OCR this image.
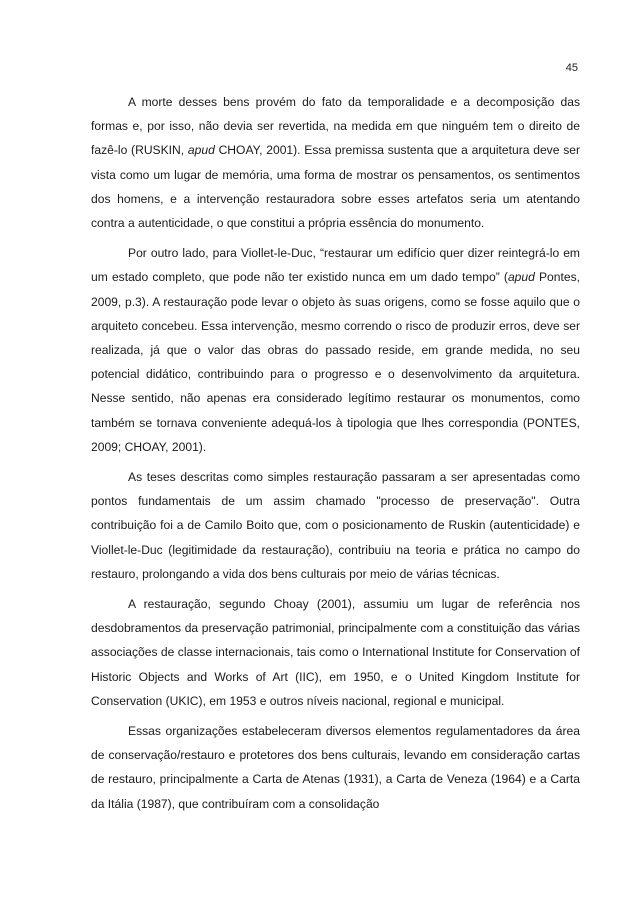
45

A morte desses bens provém do fato da temporalidade e a decomposição das formas e, por isso, não devia ser revertida, na medida em que ninguém tem o direito de fazê-lo (RUSKIN, apud CHOAY, 2001). Essa premissa sustenta que a arquitetura deve ser vista como um lugar de memória, uma forma de mostrar os pensamentos, os sentimentos dos homens, e a intervenção restauradora sobre esses artefatos seria um atentando contra a autenticidade, o que constitui a própria essência do monumento.

Por outro lado, para Viollet-le-Duc, “restaurar um edifício quer dizer reintegrá-lo em um estado completo, que pode não ter existido nunca em um dado tempo” (apud Pontes, 2009, p.3). A restauração pode levar o objeto às suas origens, como se fosse aquilo que o arquiteto concebeu. Essa intervenção, mesmo correndo o risco de produzir erros, deve ser realizada, já que o valor das obras do passado reside, em grande medida, no seu potencial didático, contribuindo para o progresso e o desenvolvimento da arquitetura. Nesse sentido, não apenas era considerado legítimo restaurar os monumentos, como também se tornava conveniente adequá-los à tipologia que lhes correspondia (PONTES, 2009; CHOAY, 2001).

As teses descritas como simples restauração passaram a ser apresentadas como pontos fundamentais de um assim chamado "processo de preservação". Outra contribuição foi a de Camilo Boito que, com o posicionamento de Ruskin (autenticidade) e Viollet-le-Duc (legitimidade da restauração), contribuiu na teoria e prática no campo do restauro, prolongando a vida dos bens culturais por meio de várias técnicas.

A restauração, segundo Choay (2001), assumiu um lugar de referência nos desdobramentos da preservação patrimonial, principalmente com a constituição das várias associações de classe internacionais, tais como o International Institute for Conservation of Historic Objects and Works of Art (IIC), em 1950, e o United Kingdom Institute for Conservation (UKIC), em 1953 e outros níveis nacional, regional e municipal.

Essas organizações estabeleceram diversos elementos regulamentadores da área de conservação/restauro e protetores dos bens culturais, levando em consideração cartas de restauro, principalmente a Carta de Atenas (1931), a Carta de Veneza (1964) e a Carta da Itália (1987), que contribuíram com a consolidação
